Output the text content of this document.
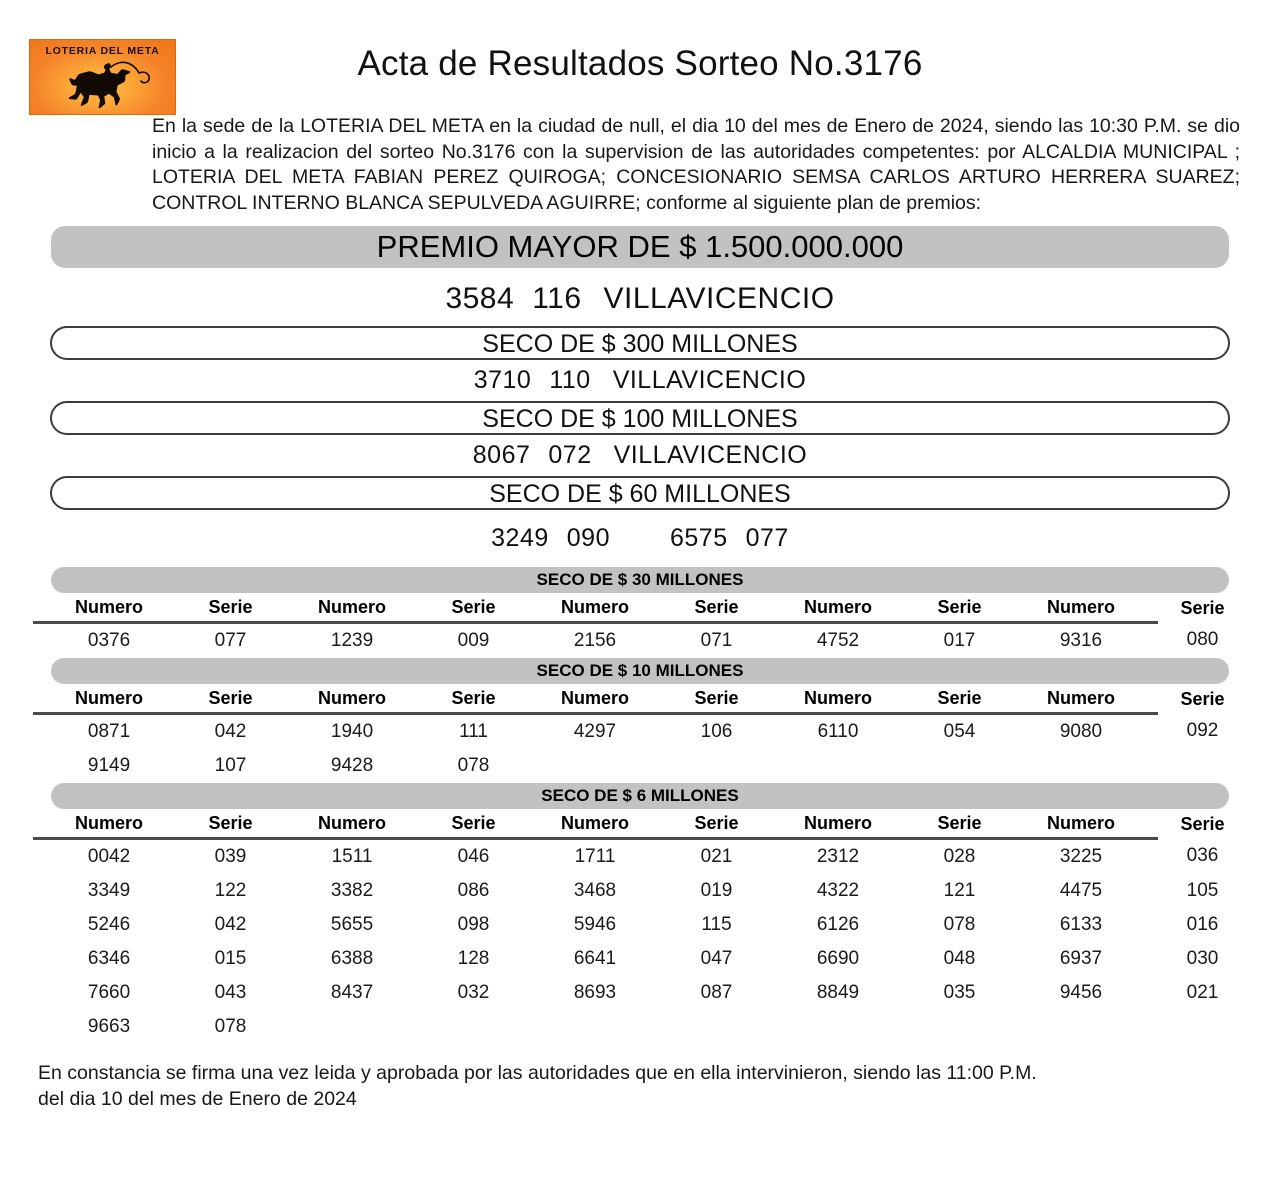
LOTERIA DEL META	Acta de Resultados Sorteo No.3176

En la sede de la LOTERIA DEL META en la ciudad de null, el dia 10 del mes de Enero de 2024, siendo las 10:30 P.M. se dio inicio a la realizacion del sorteo No.3176 con la supervision de las autoridades competentes: por ALCALDIA MUNICIPAL ; LOTERIA DEL META FABIAN PEREZ QUIROGA; CONCESIONARIO SEMSA CARLOS ARTURO HERRERA SUAREZ; CONTROL INTERNO BLANCA SEPULVEDA AGUIRRE; conforme al siguiente plan de premios:

PREMIO MAYOR DE $ 1.500.000.000
3584 116 VILLAVICENCIO
SECO DE $ 300 MILLONES
3710 110 VILLAVICENCIO
SECO DE $ 100 MILLONES
8067 072 VILLAVICENCIO
SECO DE $ 60 MILLONES
3249 090 6575 077
SECO DE $ 30 MILLONES
Numero	Serie	Numero	Serie	Numero	Serie	Numero	Serie	Numero	Serie
0376	077	1239	009	2156	071	4752	017	9316	080
SECO DE $ 10 MILLONES
Numero	Serie	Numero	Serie	Numero	Serie	Numero	Serie	Numero	Serie
0871	042	1940	111	4297	106	6110	054	9080	092
9149	107	9428	078						
SECO DE $ 6 MILLONES
Numero	Serie	Numero	Serie	Numero	Serie	Numero	Serie	Numero	Serie
0042	039	1511	046	1711	021	2312	028	3225	036
3349	122	3382	086	3468	019	4322	121	4475	105
5246	042	5655	098	5946	115	6126	078	6133	016
6346	015	6388	128	6641	047	6690	048	6937	030
7660	043	8437	032	8693	087	8849	035	9456	021
9663	078								
En constancia se firma una vez leida y aprobada por las autoridades que en ella intervinieron, siendo las 11:00 P.M.
del dia 10 del mes de Enero de 2024
